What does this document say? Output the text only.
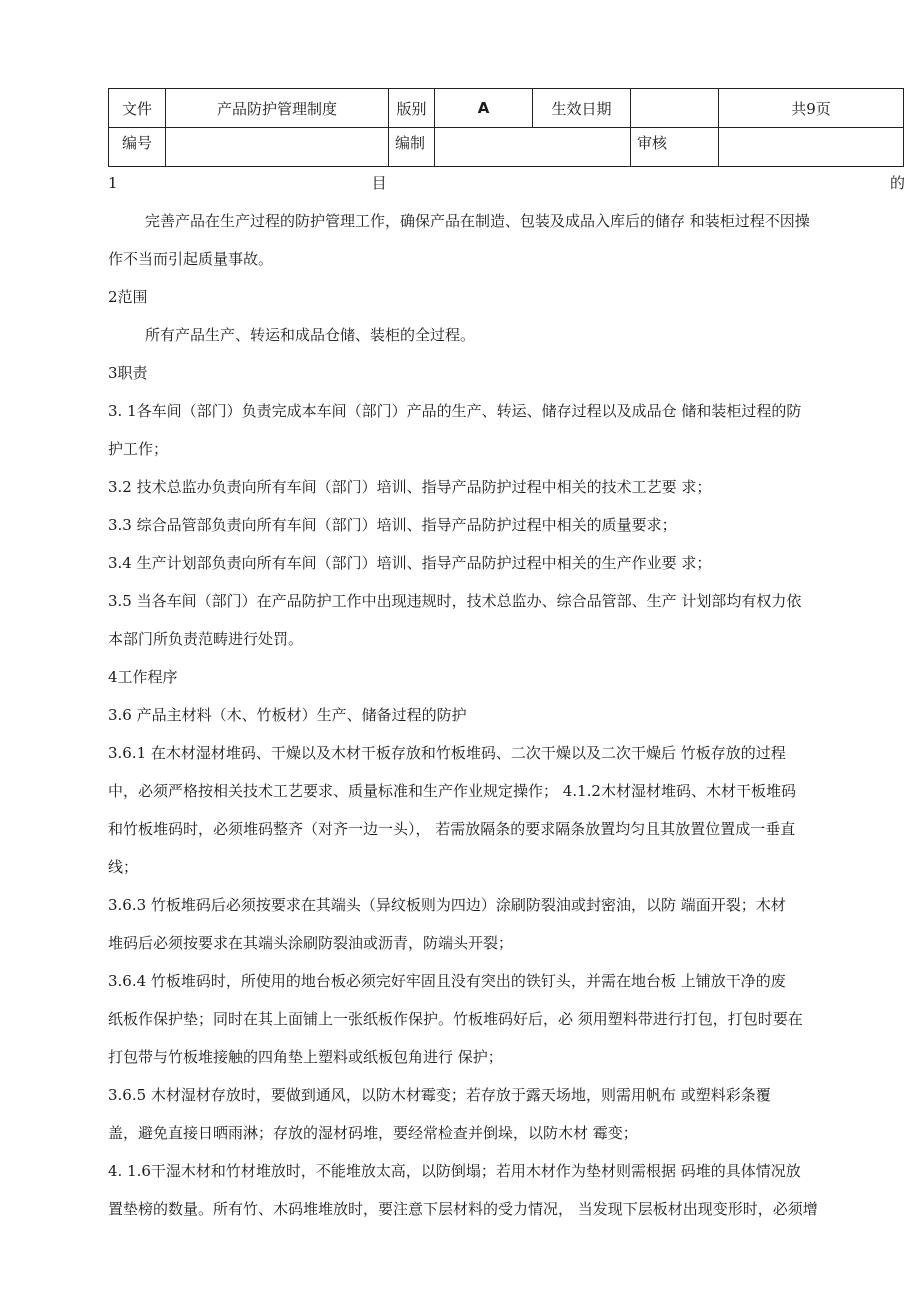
文件	产品防护管理制度	版别	A	生效日期		共9页	
编号		编制			审核		

1	目	的

完善产品在生产过程的防护管理工作，确保产品在制造、包装及成品入库后的储存 和装柜过程不因操

作不当而引起质量事故。

2范围

所有产品生产、转运和成品仓储、装柜的全过程。

3职责

3. 1各车间（部门）负责完成本车间（部门）产品的生产、转运、储存过程以及成品仓 储和装柜过程的防

护工作；

3.2 技术总监办负责向所有车间（部门）培训、指导产品防护过程中相关的技术工艺要 求；

3.3 综合品管部负责向所有车间（部门）培训、指导产品防护过程中相关的质量要求；

3.4 生产计划部负责向所有车间（部门）培训、指导产品防护过程中相关的生产作业要 求；

3.5 当各车间（部门）在产品防护工作中出现违规时，技术总监办、综合品管部、生产 计划部均有权力依

本部门所负责范畴进行处罚。

4工作程序

3.6 产品主材料（木、竹板材）生产、储备过程的防护

3.6.1 在木材湿材堆码、干燥以及木材干板存放和竹板堆码、二次干燥以及二次干燥后 竹板存放的过程

中，必须严格按相关技术工艺要求、质量标准和生产作业规定操作； 4.1.2木材湿材堆码、木材干板堆码

和竹板堆码时，必须堆码整齐（对齐一边一头）， 若需放隔条的要求隔条放置均匀且其放置位置成一垂直

线；

3.6.3 竹板堆码后必须按要求在其端头（异纹板则为四边）涂刷防裂油或封密油，以防 端面开裂；木材

堆码后必须按要求在其端头涂刷防裂油或沥青，防端头开裂；

3.6.4 竹板堆码时，所使用的地台板必须完好牢固且没有突出的铁钉头，并需在地台板 上铺放干净的废

纸板作保护垫；同时在其上面铺上一张纸板作保护。竹板堆码好后，必 须用塑料带进行打包，打包时要在

打包带与竹板堆接触的四角垫上塑料或纸板包角进行 保护；

3.6.5 木材湿材存放时，要做到通风，以防木材霉变；若存放于露天场地，则需用帆布 或塑料彩条覆

盖，避免直接日晒雨淋；存放的湿材码堆，要经常检查并倒垛，以防木材 霉变；

4. 1.6干湿木材和竹材堆放时，不能堆放太高，以防倒塌；若用木材作为垫材则需根据 码堆的具体情况放

置垫榜的数量。所有竹、木码堆堆放时，要注意下层材料的受力情况， 当发现下层板材出现变形时，必须增
